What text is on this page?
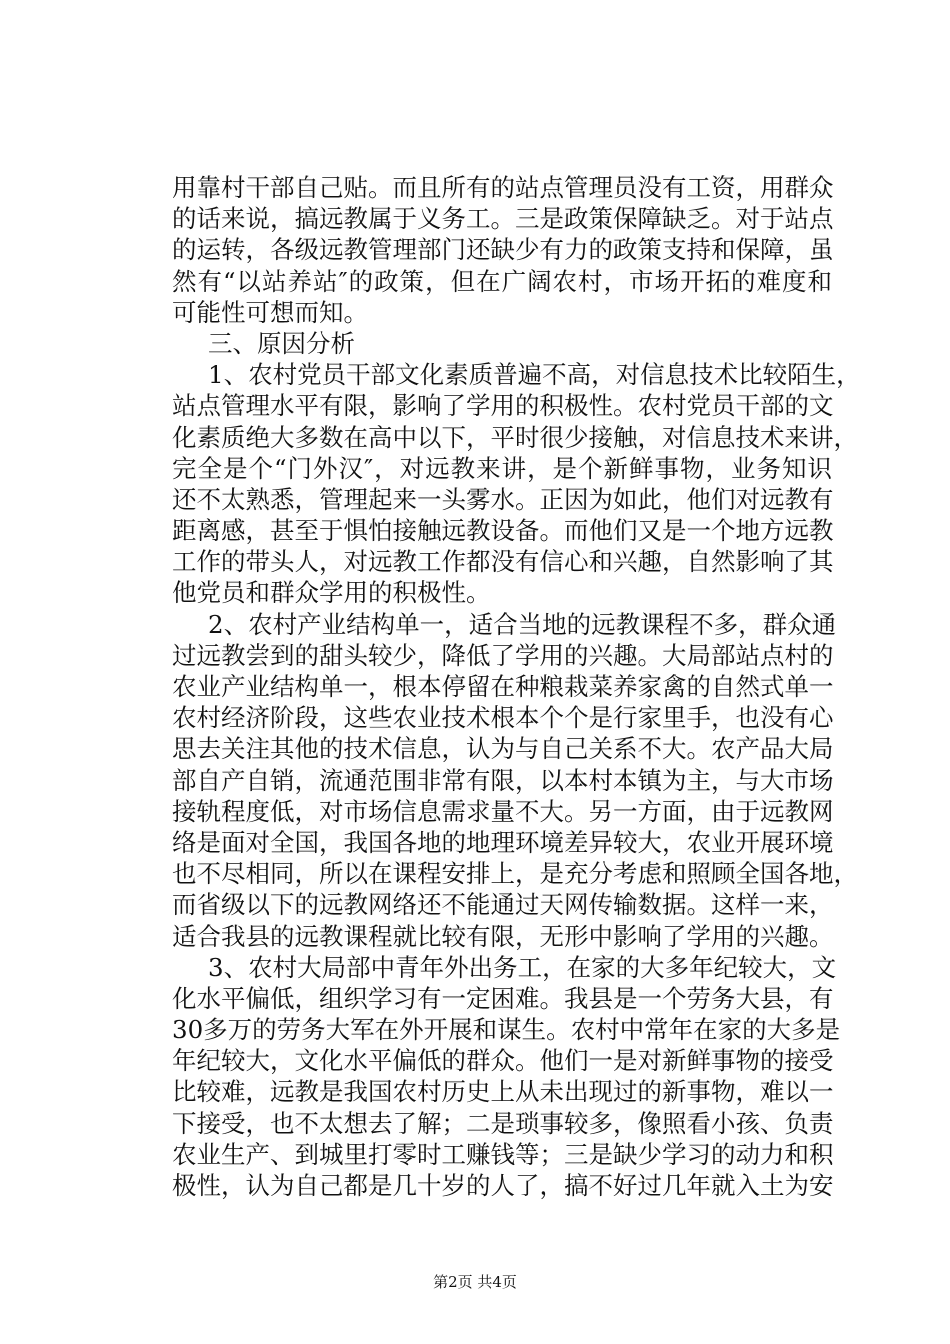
用靠村干部自己贴。而且所有的站点管理员没有工资，用群众
的话来说，搞远教属于义务工。三是政策保障缺乏。对于站点
的运转，各级远教管理部门还缺少有力的政策支持和保障，虽
然有“以站养站″的政策，但在广阔农村，市场开拓的难度和
可能性可想而知。
三、原因分析
1、农村党员干部文化素质普遍不高，对信息技术比较陌生，
站点管理水平有限，影响了学用的积极性。农村党员干部的文
化素质绝大多数在高中以下，平时很少接触，对信息技术来讲，
完全是个“门外汉″，对远教来讲，是个新鲜事物，业务知识
还不太熟悉，管理起来一头雾水。正因为如此，他们对远教有
距离感，甚至于惧怕接触远教设备。而他们又是一个地方远教
工作的带头人，对远教工作都没有信心和兴趣，自然影响了其
他党员和群众学用的积极性。
2、农村产业结构单一，适合当地的远教课程不多，群众通
过远教尝到的甜头较少，降低了学用的兴趣。大局部站点村的
农业产业结构单一，根本停留在种粮栽菜养家禽的自然式单一
农村经济阶段，这些农业技术根本个个是行家里手，也没有心
思去关注其他的技术信息，认为与自己关系不大。农产品大局
部自产自销，流通范围非常有限，以本村本镇为主，与大市场
接轨程度低，对市场信息需求量不大。另一方面，由于远教网
络是面对全国，我国各地的地理环境差异较大，农业开展环境
也不尽相同，所以在课程安排上，是充分考虑和照顾全国各地，
而省级以下的远教网络还不能通过天网传输数据。这样一来，
适合我县的远教课程就比较有限，无形中影响了学用的兴趣。
3、农村大局部中青年外出务工，在家的大多年纪较大，文
化水平偏低，组织学习有一定困难。我县是一个劳务大县，有
30多万的劳务大军在外开展和谋生。农村中常年在家的大多是
年纪较大，文化水平偏低的群众。他们一是对新鲜事物的接受
比较难，远教是我国农村历史上从未出现过的新事物，难以一
下接受，也不太想去了解；二是琐事较多，像照看小孩、负责
农业生产、到城里打零时工赚钱等；三是缺少学习的动力和积
极性，认为自己都是几十岁的人了，搞不好过几年就入土为安
第2页 共4页
